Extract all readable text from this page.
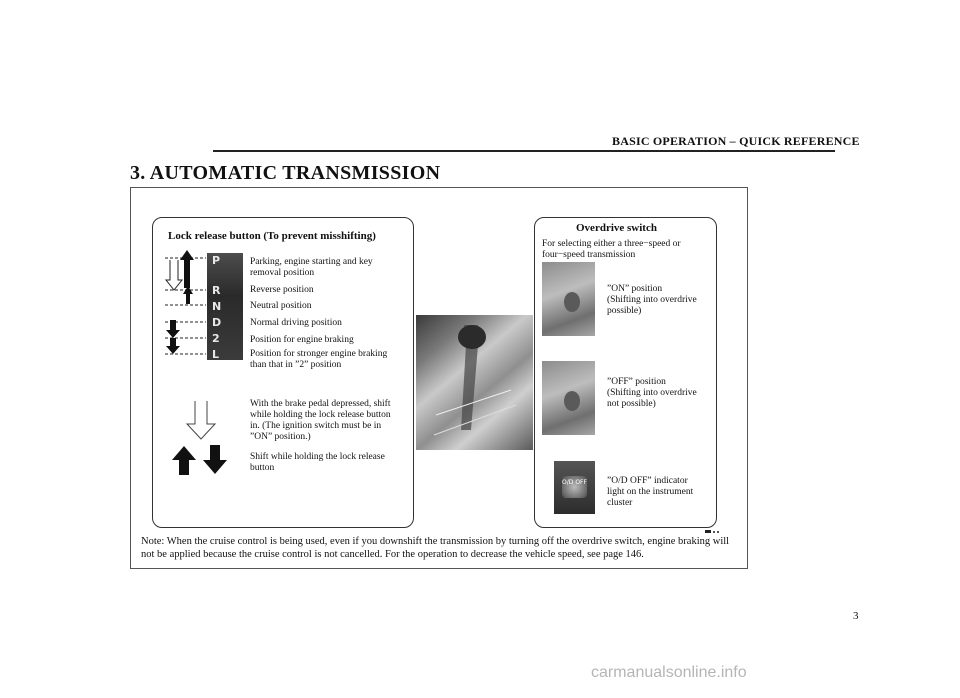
BASIC OPERATION – QUICK REFERENCE
3. AUTOMATIC TRANSMISSION
Lock release button (To prevent misshifting)
P
R
N
D
2
L
Parking, engine starting and key removal position
Reverse position
Neutral position
Normal driving position
Position for engine braking
Position for stronger engine braking than that in ”2” position
With the brake pedal depressed, shift while holding the lock release button in. (The ignition switch must be in ”ON” position.)
Shift while holding the lock release button
Overdrive switch
For selecting either a three−speed or four−speed transmission
”ON” position (Shifting into overdrive possible)
”OFF” position (Shifting into overdrive not possible)
O/D OFF ”O/D OFF” indicator light on the instrument cluster
Note: When the cruise control is being used, even if you downshift the transmission by turning off the overdrive switch, engine braking will not be applied because the cruise control is not cancelled. For the operation to decrease the vehicle speed, see page 146.
3
carmanualsonline.info
